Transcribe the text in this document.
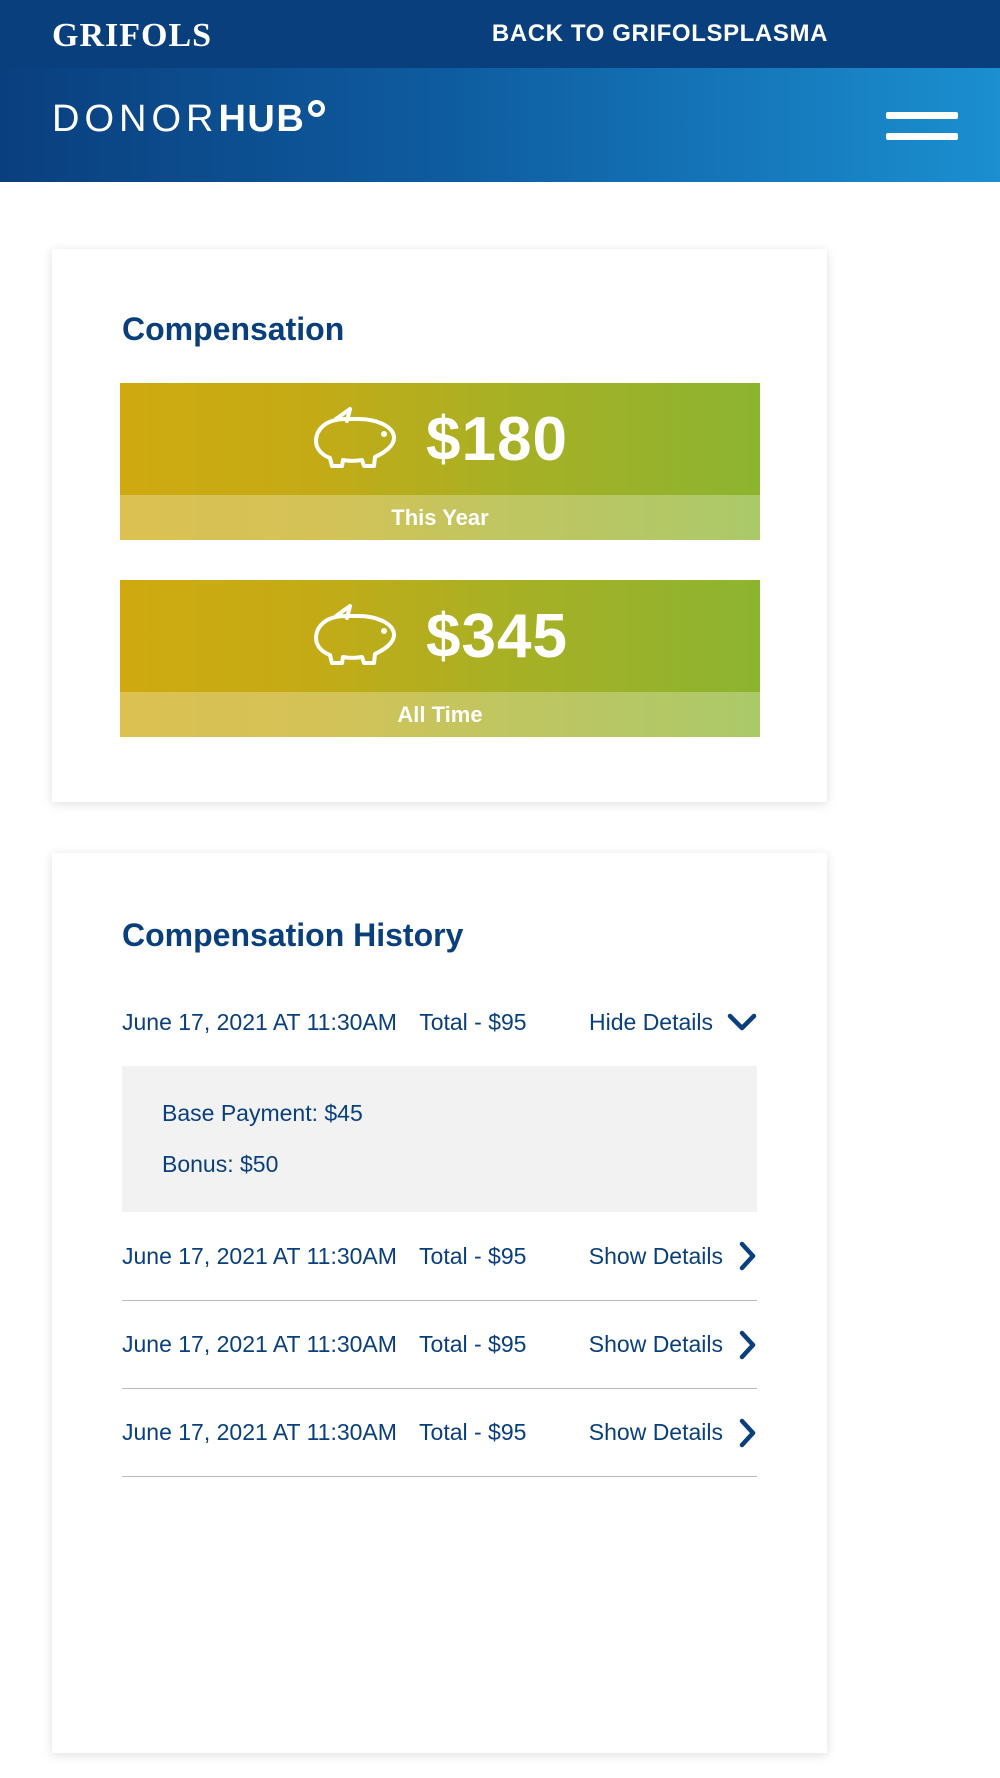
GRIFOLS	BACK TO GRIFOLSPLASMA
DONORHUB
Compensation
$180
This Year
$345
All Time
Compensation History
June 17, 2021 AT 11:30AM Total - $95	Hide Details
Base Payment: $45
Bonus: $50
June 17, 2021 AT 11:30AM Total - $95	Show Details
June 17, 2021 AT 11:30AM Total - $95	Show Details
June 17, 2021 AT 11:30AM Total - $95	Show Details
